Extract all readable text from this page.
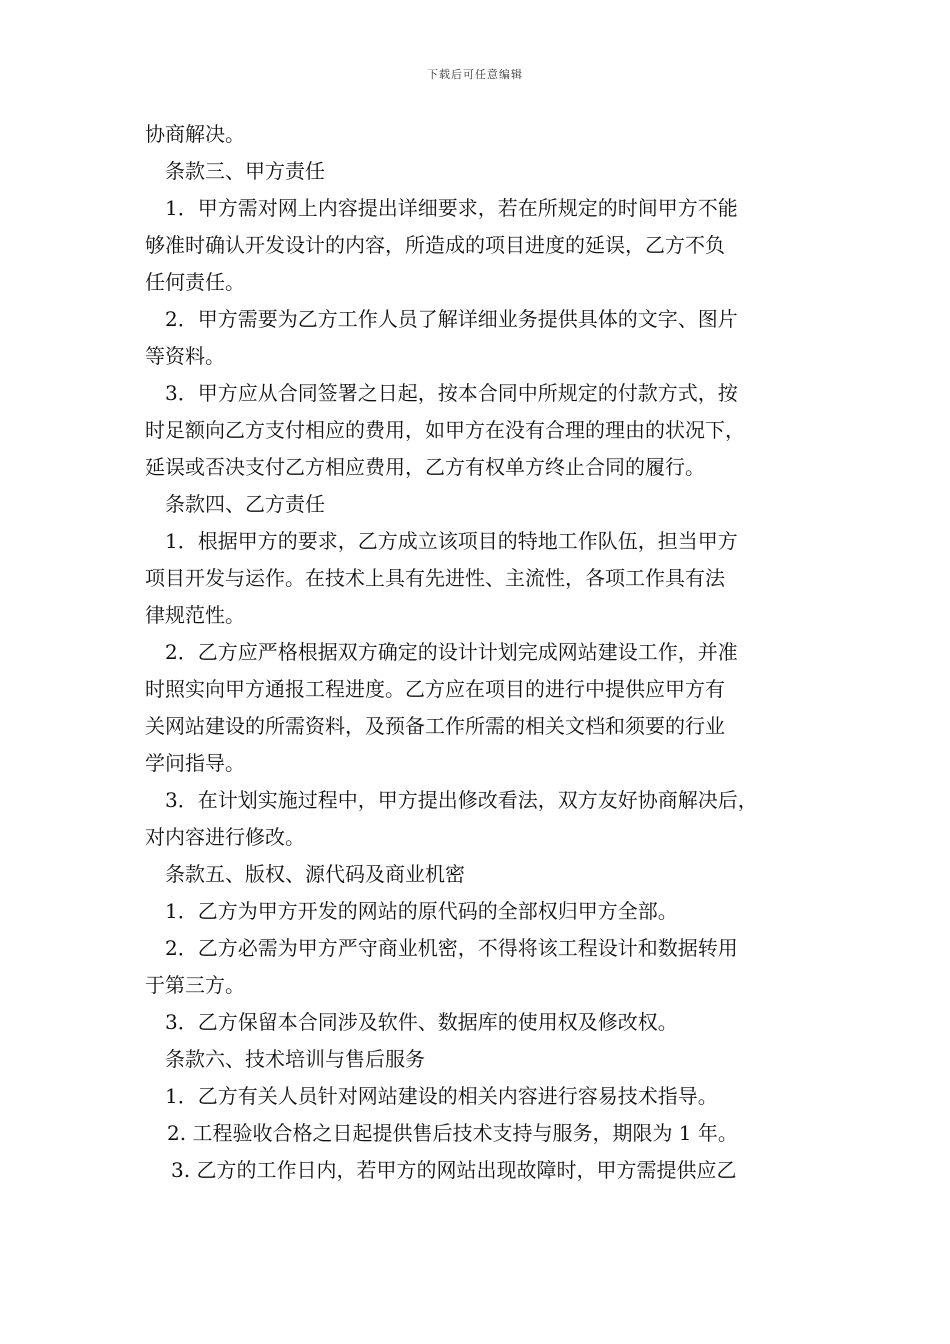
下载后可任意编辑
协商解决。
条款三、甲方责任
1．甲方需对网上内容提出详细要求，若在所规定的时间甲方不能
够准时确认开发设计的内容，所造成的项目进度的延误，乙方不负
任何责任。
2．甲方需要为乙方工作人员了解详细业务提供具体的文字、图片
等资料。
3．甲方应从合同签署之日起，按本合同中所规定的付款方式，按
时足额向乙方支付相应的费用，如甲方在没有合理的理由的状况下，
延误或否决支付乙方相应费用，乙方有权单方终止合同的履行。
条款四、乙方责任
1．根据甲方的要求，乙方成立该项目的特地工作队伍，担当甲方
项目开发与运作。在技术上具有先进性、主流性，各项工作具有法
律规范性。
2．乙方应严格根据双方确定的设计计划完成网站建设工作，并准
时照实向甲方通报工程进度。乙方应在项目的进行中提供应甲方有
关网站建设的所需资料，及预备工作所需的相关文档和须要的行业
学问指导。
3．在计划实施过程中，甲方提出修改看法，双方友好协商解决后，
对内容进行修改。
条款五、版权、源代码及商业机密
1．乙方为甲方开发的网站的原代码的全部权归甲方全部。
2．乙方必需为甲方严守商业机密，不得将该工程设计和数据转用
于第三方。
3．乙方保留本合同涉及软件、数据库的使用权及修改权。
条款六、技术培训与售后服务
1．乙方有关人员针对网站建设的相关内容进行容易技术指导。
2. 工程验收合格之日起提供售后技术支持与服务，期限为 1 年。
3. 乙方的工作日内，若甲方的网站出现故障时，甲方需提供应乙
